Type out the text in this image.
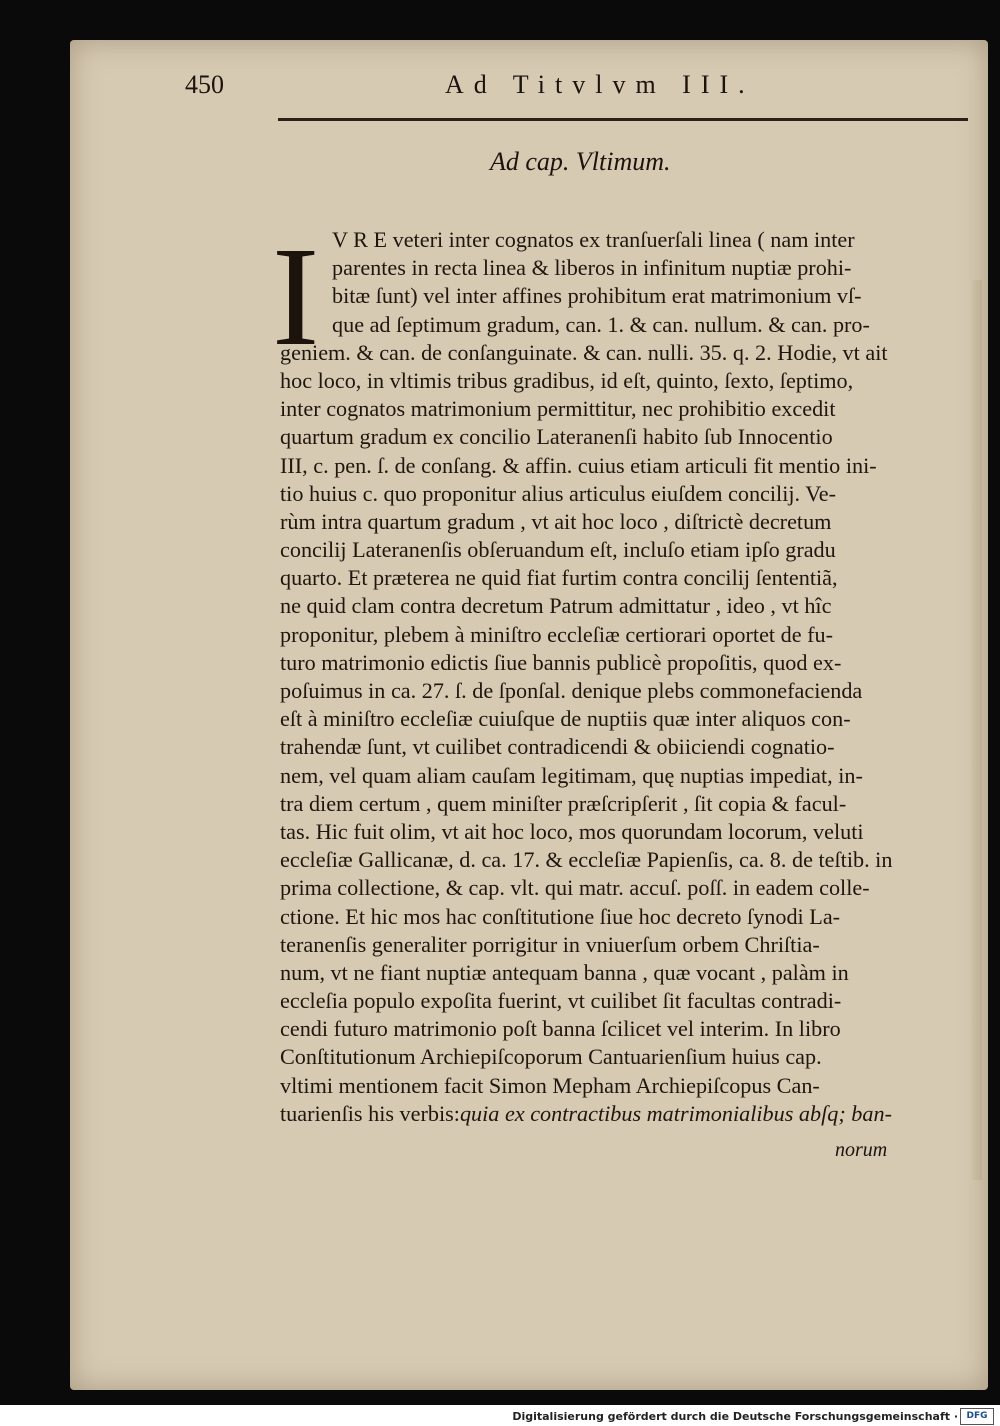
450	Ad Titvlvm III.
Ad cap. Vltimum.
I V R E veteri inter cognatos ex tranſuerſali linea ( nam inter
parentes in recta linea & liberos in infinitum nuptiæ prohi-
bitæ ſunt) vel inter affines prohibitum erat matrimonium vſ-
que ad ſeptimum gradum, can. 1. & can. nullum. & can. pro-
geniem. & can. de conſanguinate. & can. nulli. 35. q. 2. Hodie, vt ait
hoc loco, in vltimis tribus gradibus, id eſt, quinto, ſexto, ſeptimo,
inter cognatos matrimonium permittitur, nec prohibitio excedit
quartum gradum ex concilio Lateranenſi habito ſub Innocentio
III, c. pen. ſ. de conſang. & affin. cuius etiam articuli fit mentio ini-
tio huius c. quo proponitur alius articulus eiuſdem concilij. Ve-
rùm intra quartum gradum , vt ait hoc loco , diſtrictè decretum
concilij Lateranenſis obſeruandum eſt, incluſo etiam ipſo gradu
quarto. Et præterea ne quid fiat furtim contra concilij ſententiã,
ne quid clam contra decretum Patrum admittatur , ideo , vt hîc
proponitur, plebem à miniſtro eccleſiæ certiorari oportet de fu-
turo matrimonio edictis ſiue bannis publicè propoſitis, quod ex-
poſuimus in ca. 27. ſ. de ſponſal. denique plebs commonefacienda
eſt à miniſtro eccleſiæ cuiuſque de nuptiis quæ inter aliquos con-
trahendæ ſunt, vt cuilibet contradicendi & obiiciendi cognatio-
nem, vel quam aliam cauſam legitimam, quę nuptias impediat, in-
tra diem certum , quem miniſter præſcripſerit , ſit copia & facul-
tas. Hic fuit olim, vt ait hoc loco, mos quorundam locorum, veluti
eccleſiæ Gallicanæ, d. ca. 17. & eccleſiæ Papienſis, ca. 8. de teſtib. in
prima collectione, & cap. vlt. qui matr. accuſ. poſſ. in eadem colle-
ctione. Et hic mos hac conſtitutione ſiue hoc decreto ſynodi La-
teranenſis generaliter porrigitur in vniuerſum orbem Chriſtia-
num, vt ne fiant nuptiæ antequam banna , quæ vocant , palàm in
eccleſia populo expoſita fuerint, vt cuilibet ſit facultas contradi-
cendi futuro matrimonio poſt banna ſcilicet vel interim. In libro
Conſtitutionum Archiepiſcoporum Cantuarienſium huius cap.
vltimi mentionem facit Simon Mepham Archiepiſcopus Can-
tuarienſis his verbis:quia ex contractibus matrimonialibus abſq; ban-
norum
Digitalisierung gefördert durch die Deutsche Forschungsgemeinschaft · DFG
